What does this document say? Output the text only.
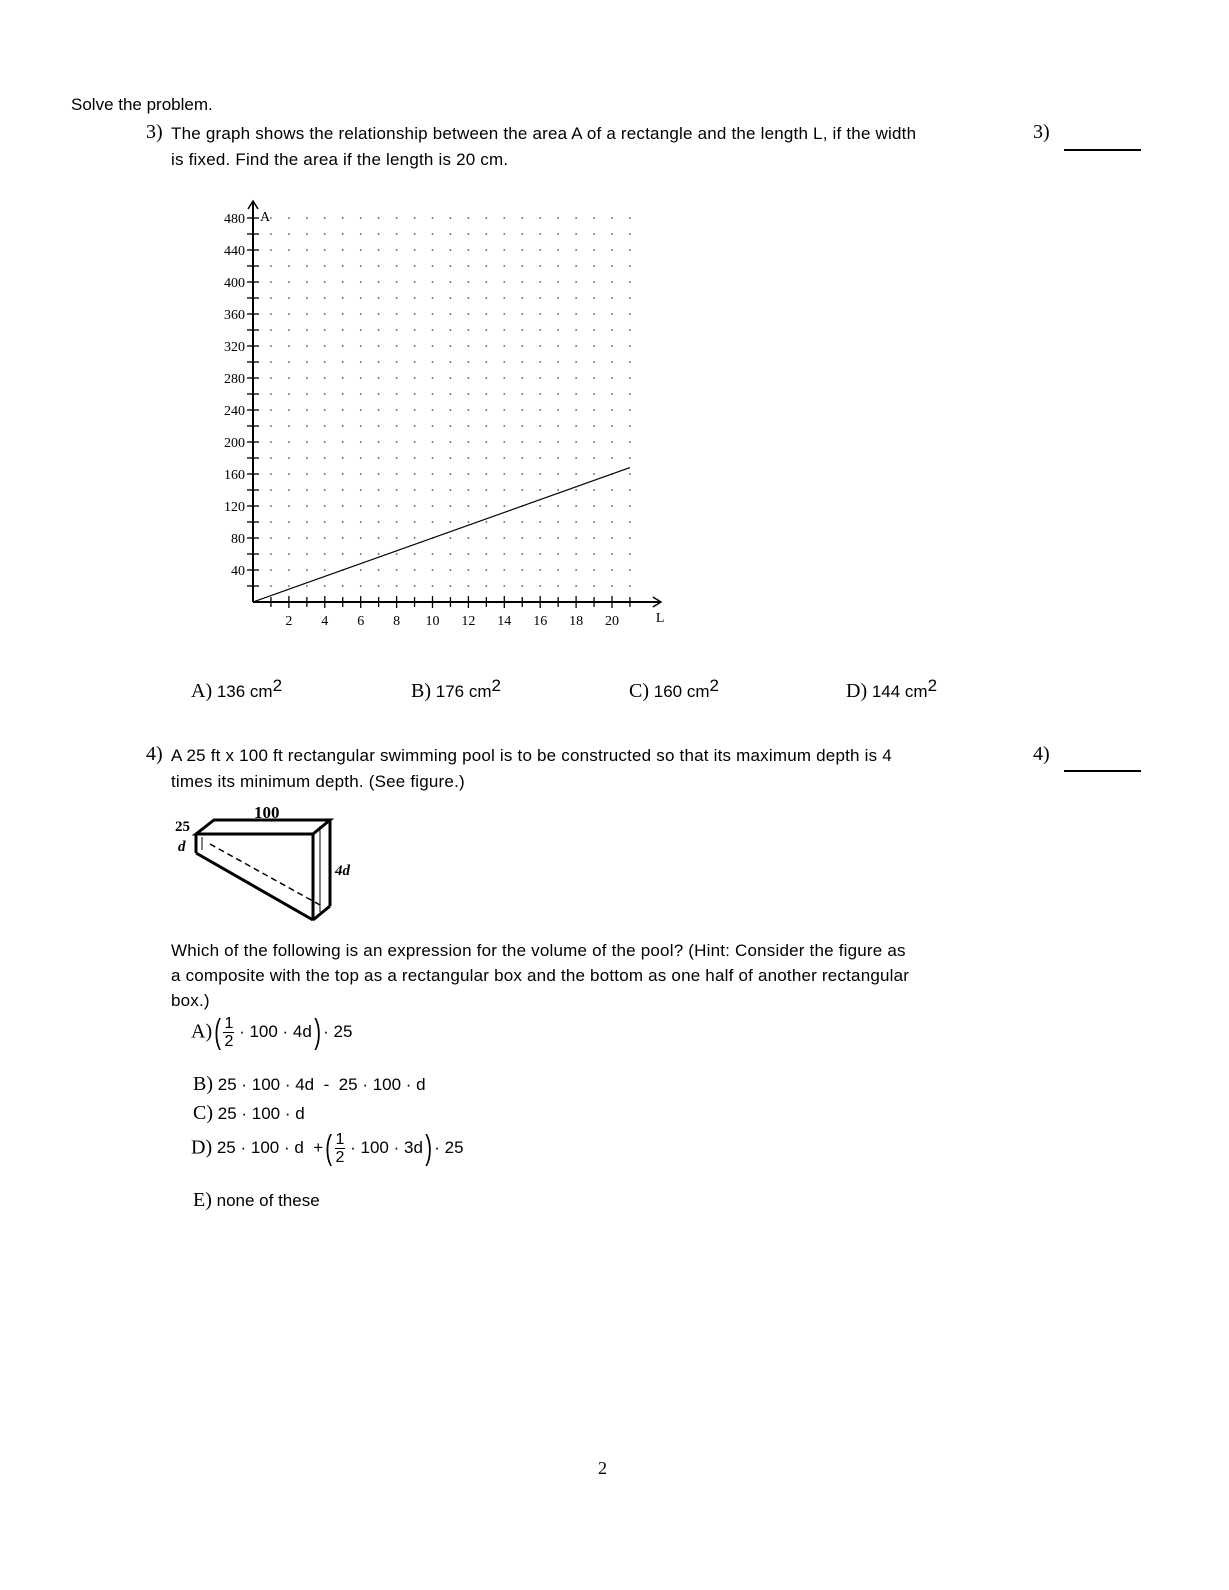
Solve the problem.
3) The graph shows the relationship between the area A of a rectangle and the length L, if the width
is fixed. Find the area if the length is 20 cm.
3)
2 4 6 8 10 12 14 16 18 20
40
80
120
160
200
240
280
320
360
400
440
480
L
A
A) 136 $cm^2$	B) 176 $cm^2$	C) 160 $cm^2$	D) 144 $cm^2$
4) A 25 ft x 100 ft rectangular swimming pool is to be constructed so that its maximum depth is 4
times its minimum depth. (See figure.)
4)
100
25
d
4d
Which of the following is an expression for the volume of the pool? (Hint: Consider the figure as
a composite with the top as a rectangular box and the bottom as one half of another rectangular
box.)
$A)( \frac{1}{2} \cdot 100 \cdot 4d) \cdot 25$
B) 25 · 100 · 4d  -  25 · 100 · d
C) 25 · 100 · d
D) 25 · 100 · d  +( $\frac{1}{2} \cdot 100 \cdot 3d) \cdot 25$
E) none of these
2
